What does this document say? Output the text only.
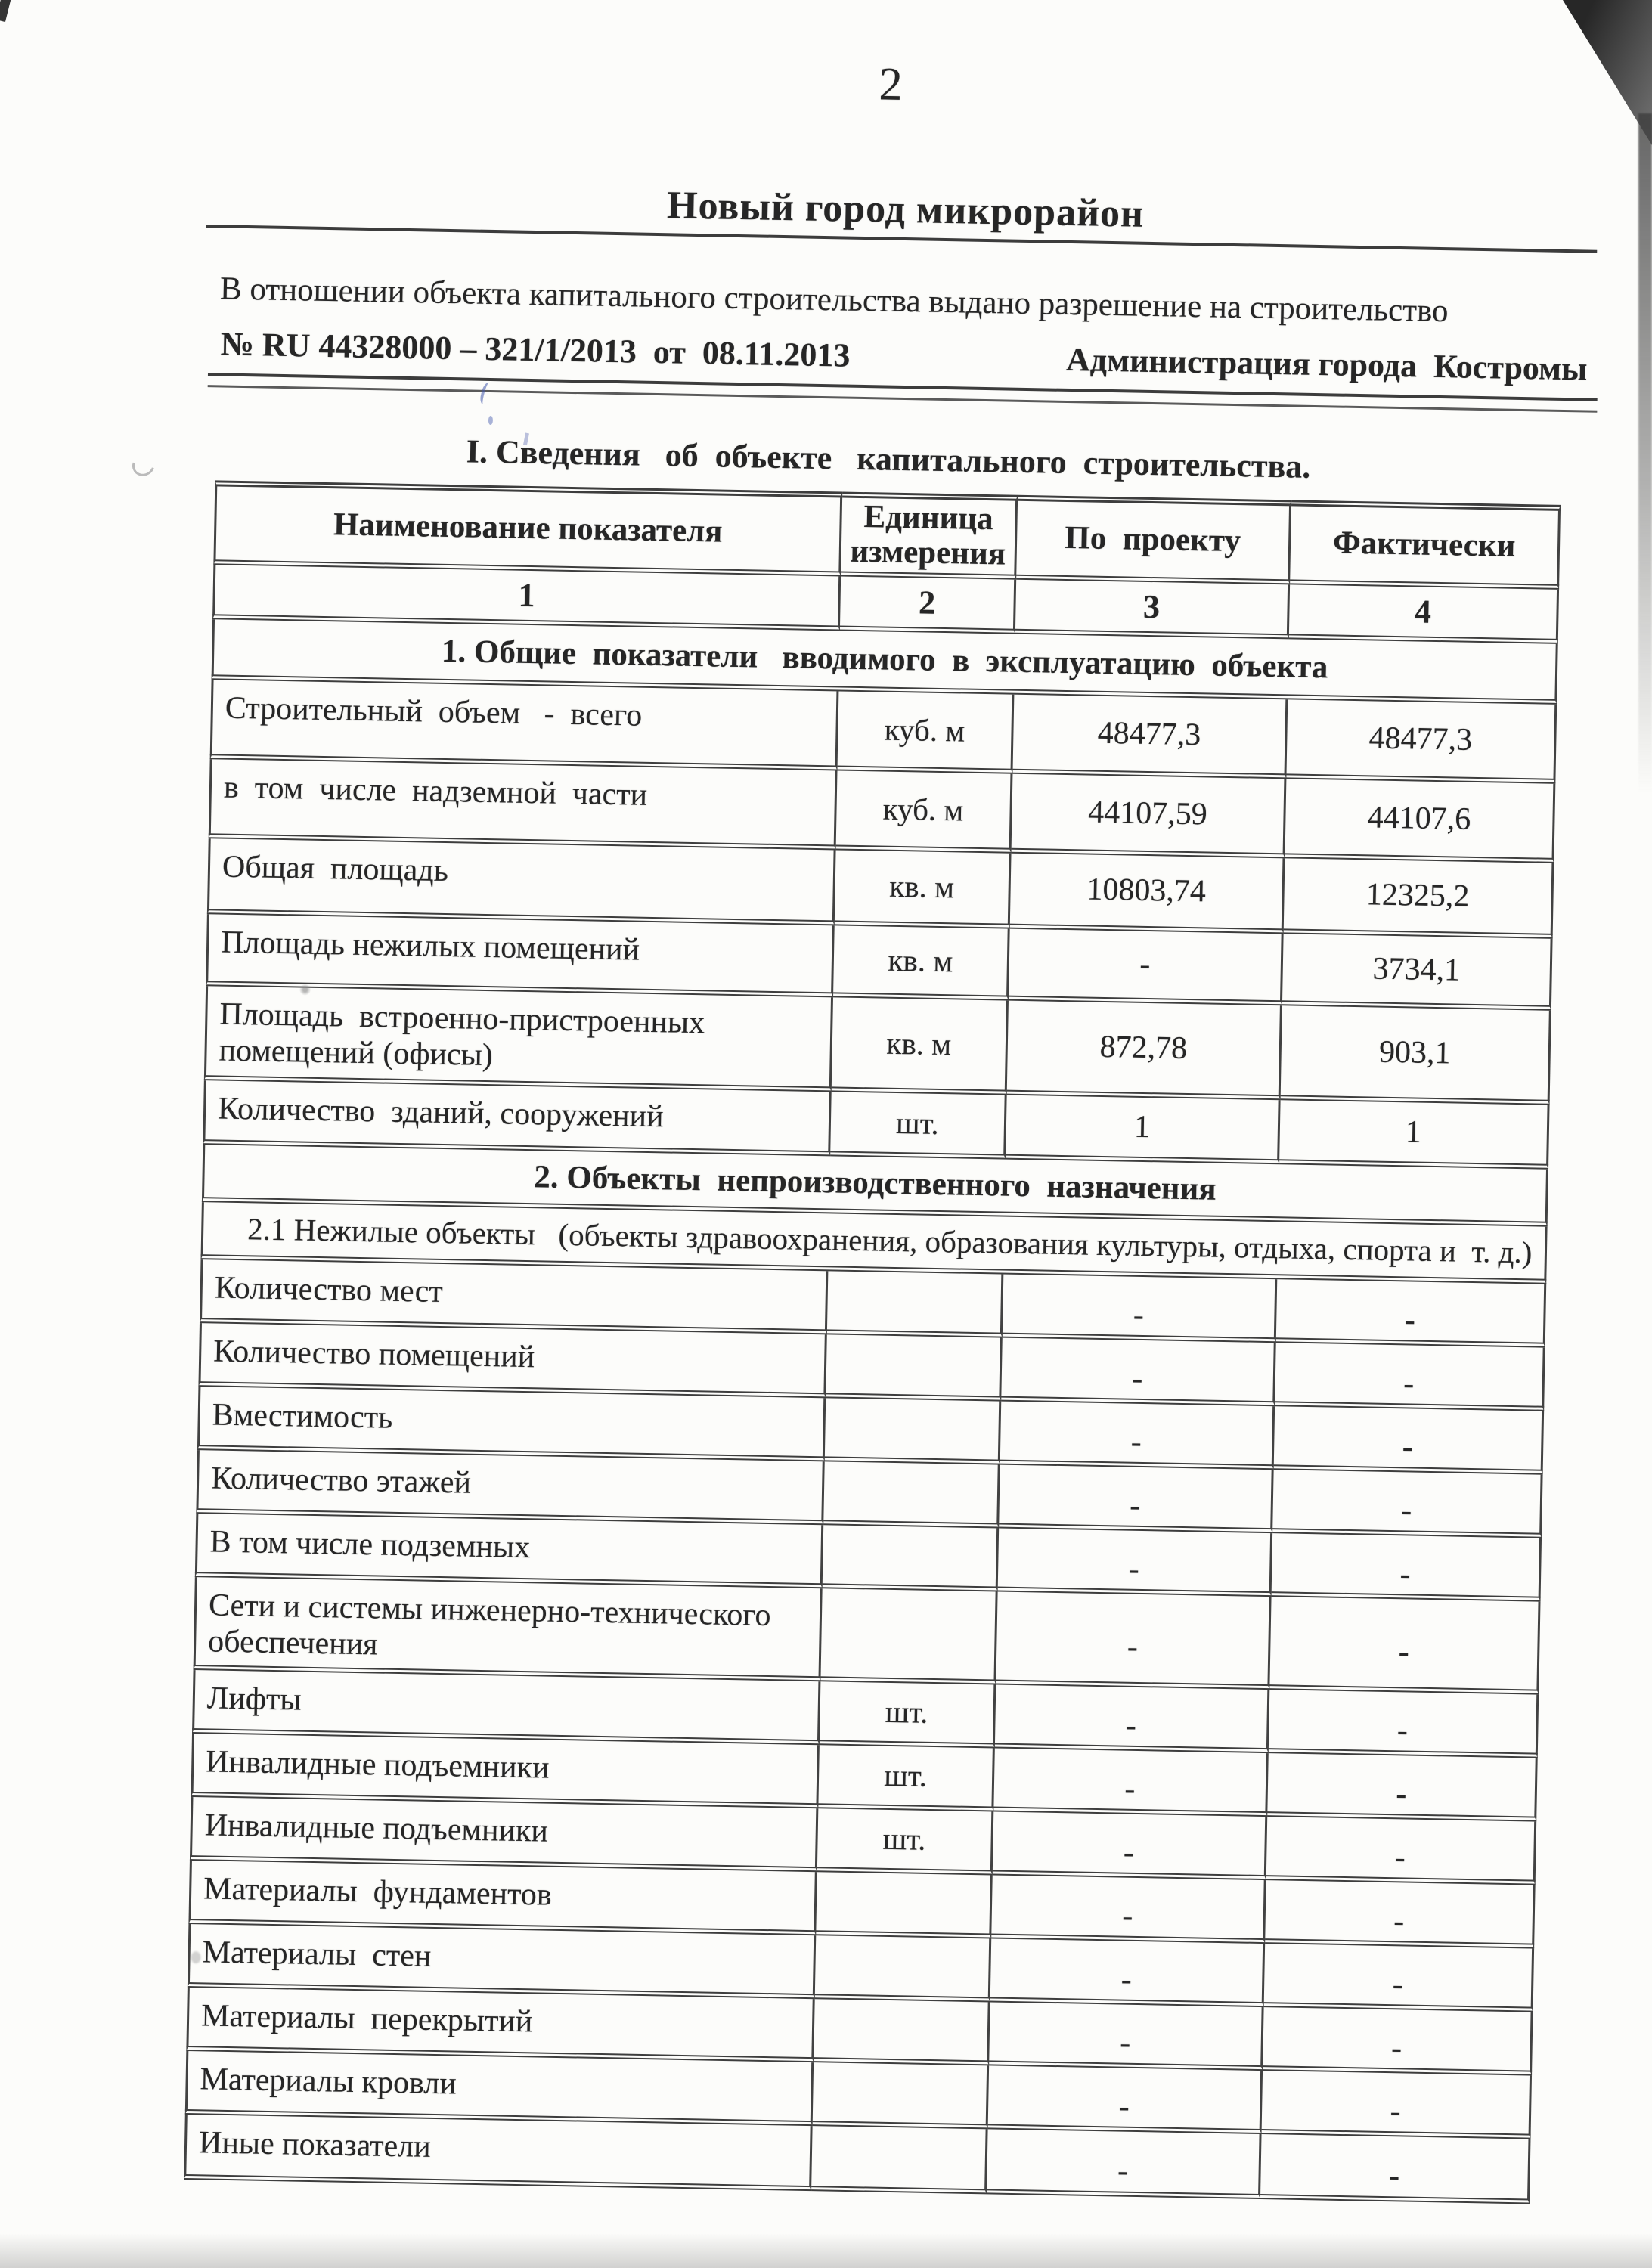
2

Новый город микрорайон

В отношении объекта капитального строительства выдано разрешение на строительство

№ RU 44328000 – 321/1/2013  от  08.11.2013	Администрация города  Костромы

I. Сведения   об  объекте   капитального  строительства.

Наименование показателя	Единица измерения	По  проекту	Фактически
1	2	3	4
1. Общие  показатели   вводимого  в  эксплуатацию  объекта			
Строительный  объем   -  всего	куб. м	48477,3	48477,3
в  том  числе  надземной  части	куб. м	44107,59	44107,6
Общая  площадь	кв. м	10803,74	12325,2
Площадь нежилых помещений	кв. м	-	3734,1
Площадь  встроенно-пристроенных
помещений (офисы)	кв. м	872,78	903,1
Количество  зданий, сооружений	шт.	1	1
2. Объекты  непроизводственного  назначения			
2.1 Нежилые объекты   (объекты здравоохранения, образования культуры, отдыха, спорта и  т. д.)			
Количество мест		-	-
Количество помещений		-	-
Вместимость		-	-
Количество этажей		-	-
В том числе подземных		-	-
Сети и системы инженерно-технического
обеспечения		-	-
Лифты	шт.	-	-
Инвалидные подъемники	шт.	-	-
Инвалидные подъемники	шт.	-	-
Материалы  фундаментов		-	-
Материалы  стен		-	-
Материалы  перекрытий		-	-
Материалы кровли		-	-
Иные показатели		-	-
